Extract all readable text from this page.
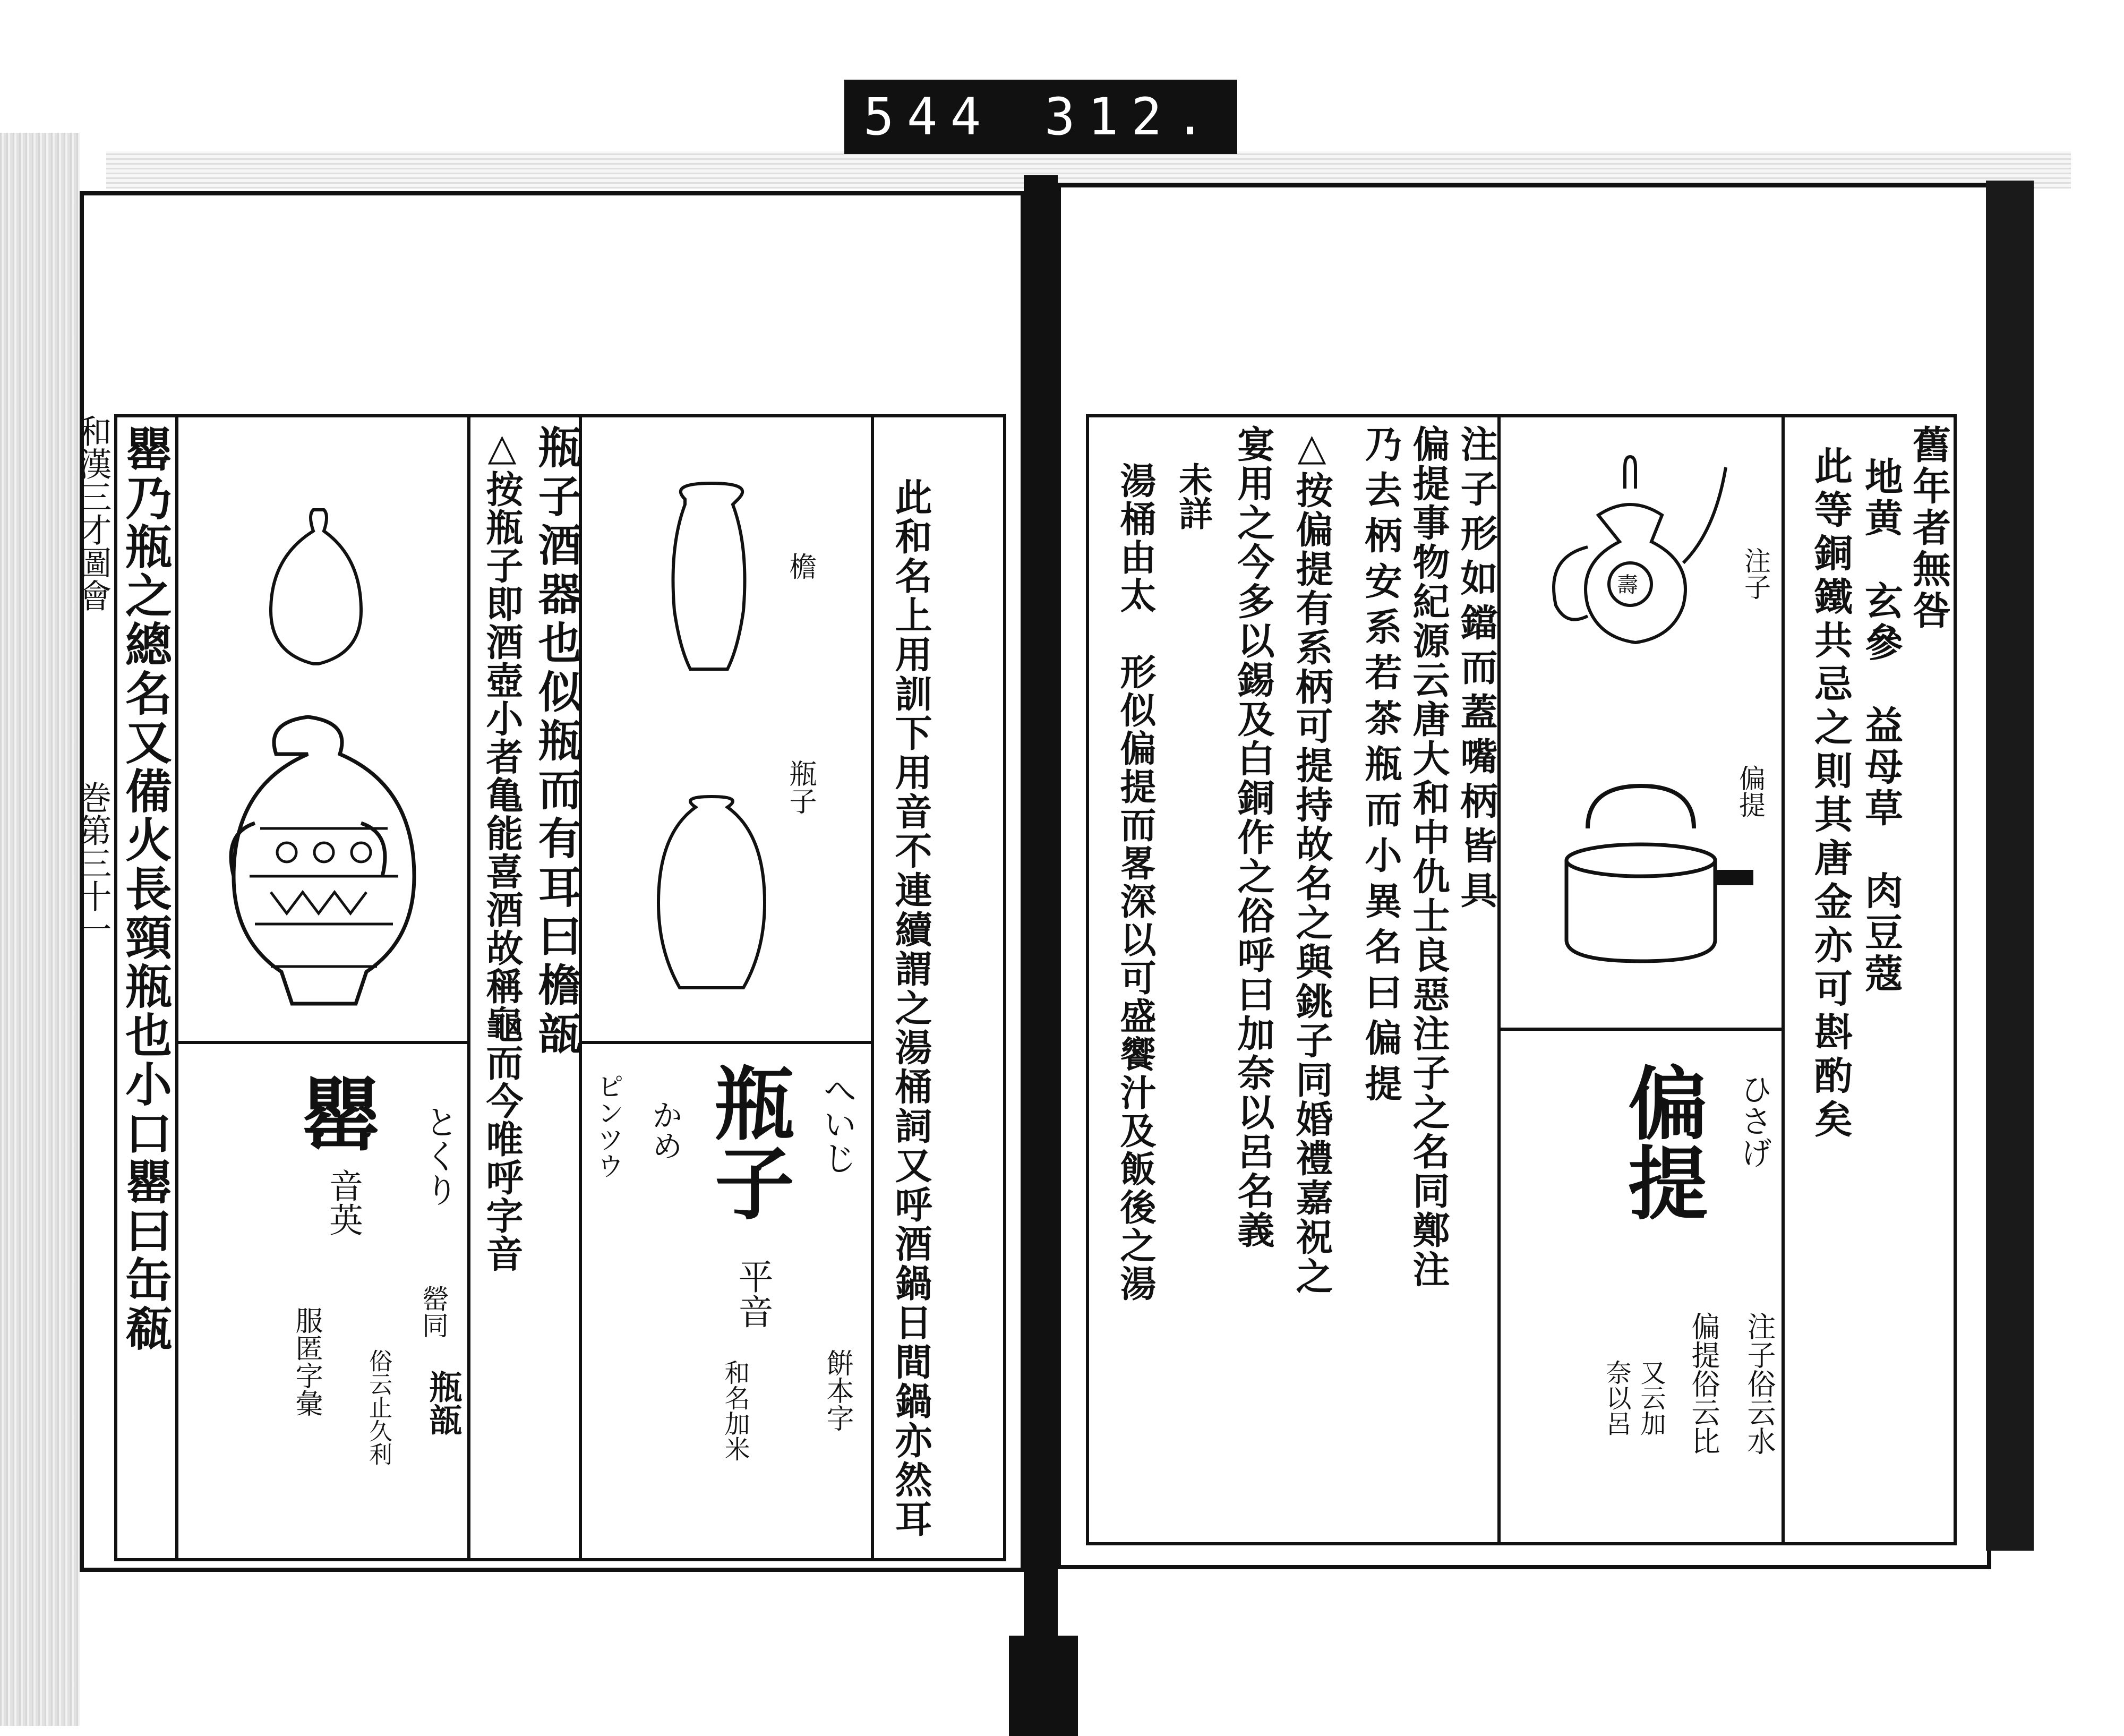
544 312.
和漢三才圖會
巻第三十一 罌乃瓶之總名又備火長頸瓶也小口罌曰缶瓻	瓶子酒器也似瓶而有耳曰檐瓿
△按瓶子即酒壺小者亀能喜酒故稱龜而今唯呼字音	此和名上用訓下用音不連續謂之湯桶詞又呼酒鍋日間鍋亦然耳
檐
瓶子
罌	とくり
音英
罃同
俗云止久利 瓶瓿
服匿字彙
瓶子 へいじ
ピンツウ かめ
平音
餠本字
和名加米
舊年者無咎
地黄　玄參　益母草　肉豆蔻
此等銅鐵共忌之則其唐金亦可斟酌矣
注子形如鐺而蓋嘴柄皆具
偏提事物紀源云唐大和中仇士良惡注子之名同鄭注
乃去柄安系若茶瓶而小異名曰偏提
△按偏提有系柄可提持故名之與銚子同婚禮嘉祝之
宴用之今多以錫及白銅作之俗呼曰加奈以呂名義
未詳
湯桶由太　形似偏提而畧深以可盛饗汁及飯後之湯	壽	注子
偏提
偏提 ひさげ
注子俗云水
偏提俗云比
又云加
奈以呂
